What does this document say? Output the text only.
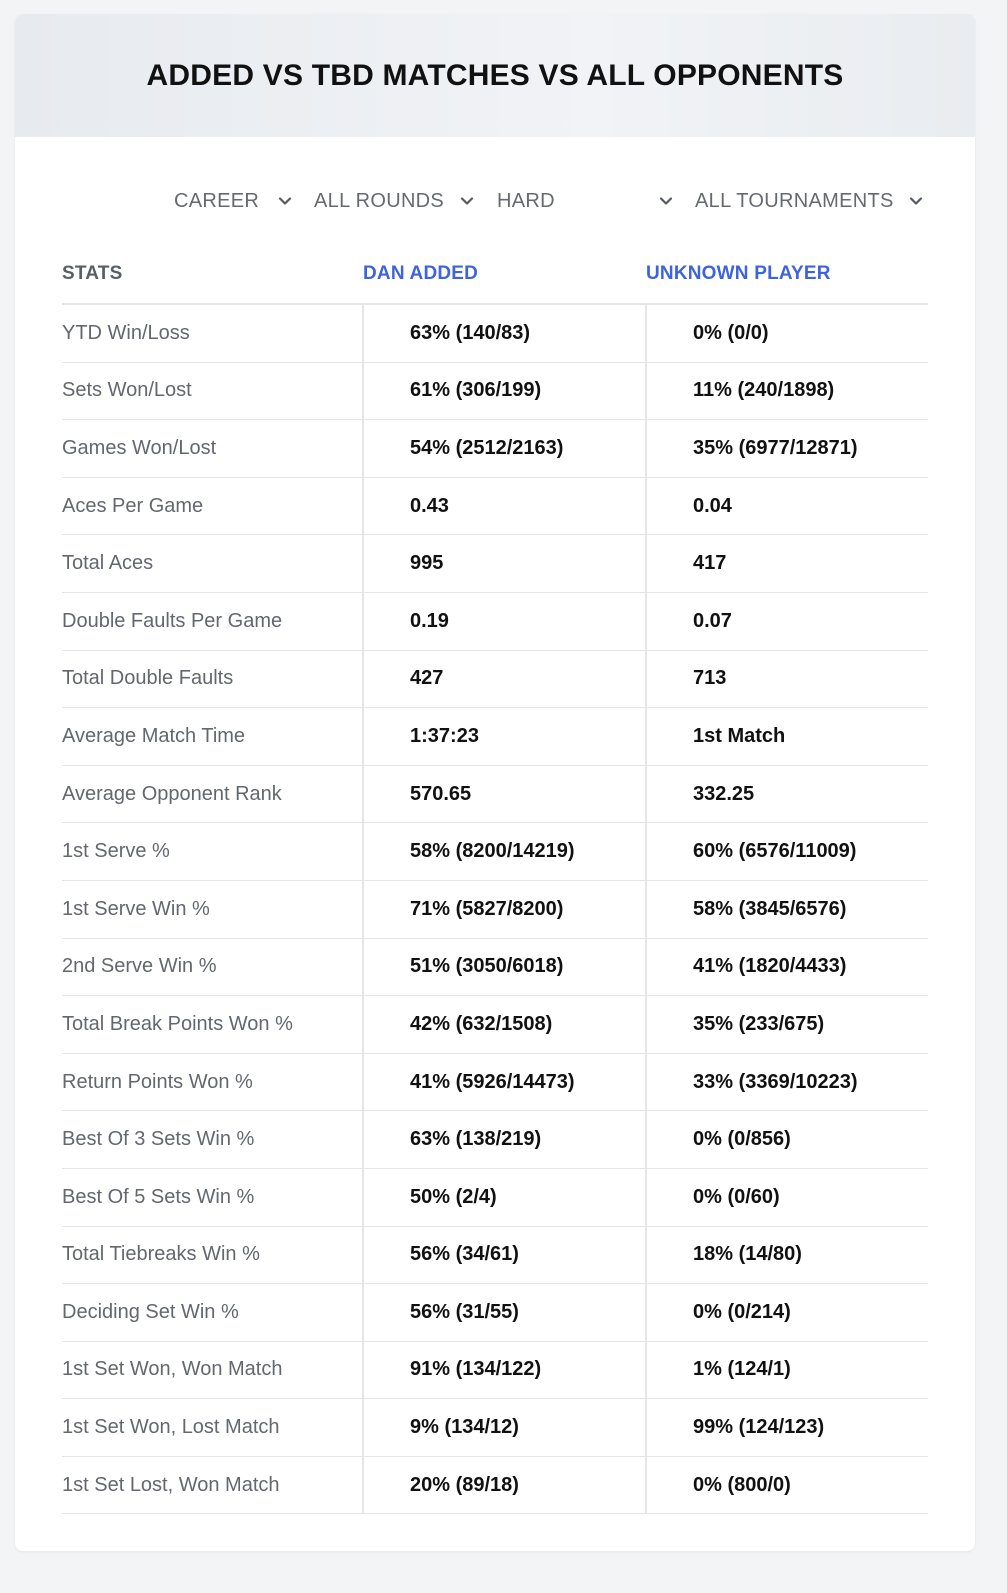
ADDED VS TBD MATCHES VS ALL OPPONENTS
CAREER	ALL ROUNDS	HARD	ALL TOURNAMENTS
STATS	DAN ADDED	UNKNOWN PLAYER
YTD Win/Loss	63% (140/83)	0% (0/0)
Sets Won/Lost	61% (306/199)	11% (240/1898)
Games Won/Lost	54% (2512/2163)	35% (6977/12871)
Aces Per Game	0.43	0.04
Total Aces	995	417
Double Faults Per Game	0.19	0.07
Total Double Faults	427	713
Average Match Time	1:37:23	1st Match
Average Opponent Rank	570.65	332.25
1st Serve %	58% (8200/14219)	60% (6576/11009)
1st Serve Win %	71% (5827/8200)	58% (3845/6576)
2nd Serve Win %	51% (3050/6018)	41% (1820/4433)
Total Break Points Won %	42% (632/1508)	35% (233/675)
Return Points Won %	41% (5926/14473)	33% (3369/10223)
Best Of 3 Sets Win %	63% (138/219)	0% (0/856)
Best Of 5 Sets Win %	50% (2/4)	0% (0/60)
Total Tiebreaks Win %	56% (34/61)	18% (14/80)
Deciding Set Win %	56% (31/55)	0% (0/214)
1st Set Won, Won Match	91% (134/122)	1% (124/1)
1st Set Won, Lost Match	9% (134/12)	99% (124/123)
1st Set Lost, Won Match	20% (89/18)	0% (800/0)
